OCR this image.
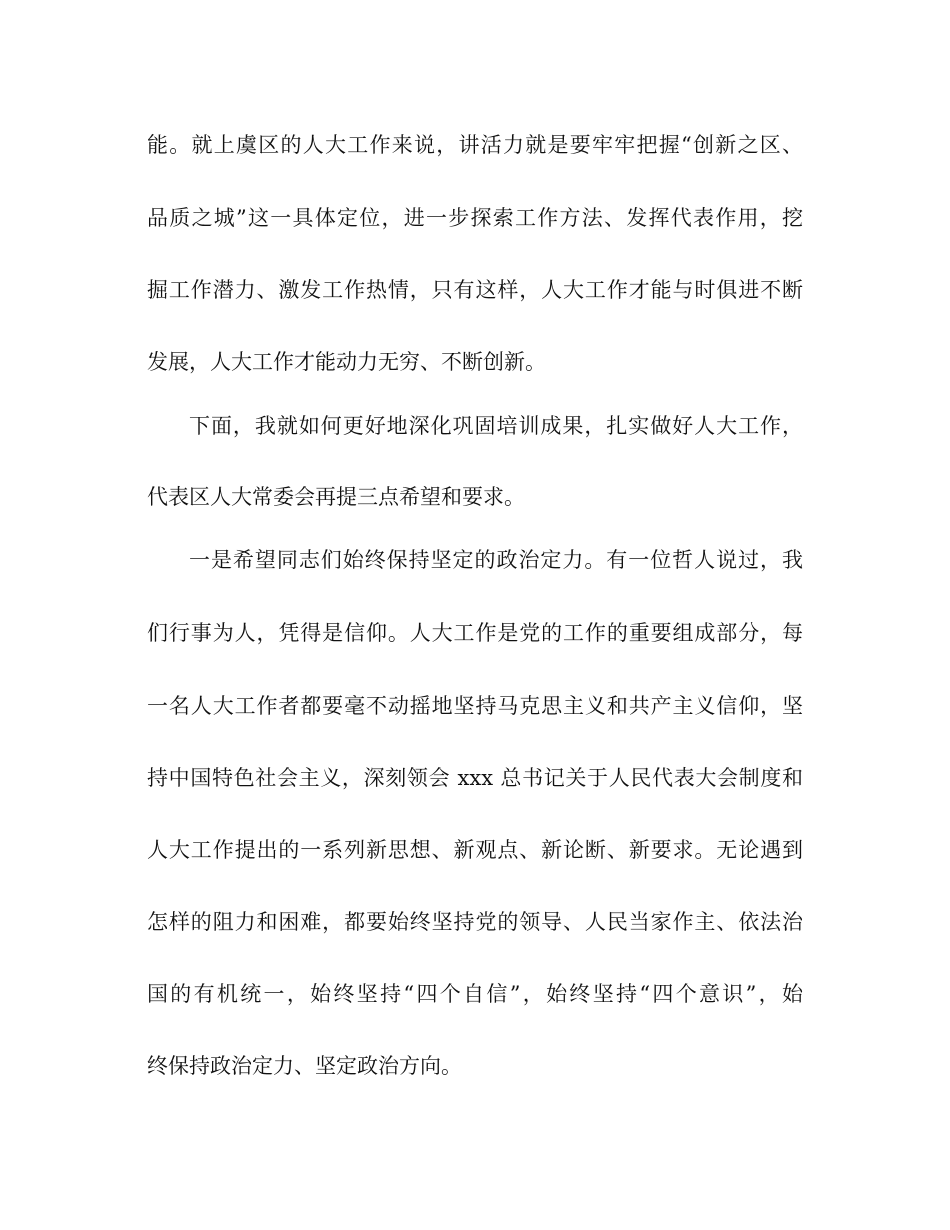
能。就上虞区的人大工作来说，讲活力就是要牢牢把握“创新之区、
品质之城”这一具体定位，进一步探索工作方法、发挥代表作用，挖
掘工作潜力、激发工作热情，只有这样，人大工作才能与时俱进不断
发展，人大工作才能动力无穷、不断创新。
下面，我就如何更好地深化巩固培训成果，扎实做好人大工作，
代表区人大常委会再提三点希望和要求。
一是希望同志们始终保持坚定的政治定力。有一位哲人说过，我
们行事为人，凭得是信仰。人大工作是党的工作的重要组成部分，每
一名人大工作者都要毫不动摇地坚持马克思主义和共产主义信仰，坚
持中国特色社会主义，深刻领会 xxx 总书记关于人民代表大会制度和
人大工作提出的一系列新思想、新观点、新论断、新要求。无论遇到
怎样的阻力和困难，都要始终坚持党的领导、人民当家作主、依法治
国的有机统一，始终坚持“四个自信”，始终坚持“四个意识”，始
终保持政治定力、坚定政治方向。
